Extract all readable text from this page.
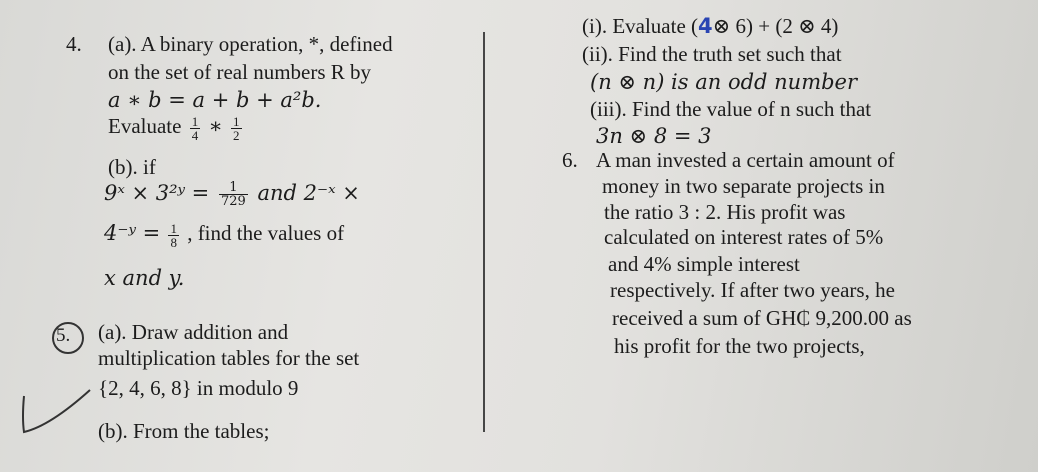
4. (a). A binary operation, *, defined
on the set of real numbers R by
a ∗ b = a + b + a²b.
Evaluate $\frac{1}{4}$ ∗ $\frac{1}{2}$
(b). if
9ˣ × 3²ʸ = $\frac{1}{729}$ and 2⁻ˣ ×
4⁻ʸ = $\frac{1}{8}$ , find the values of
x and y.
5. (a). Draw addition and
multiplication tables for the set
{2, 4, 6, 8} in modulo 9
(b). From the tables;
(i). Evaluate (4⊗ 6) + (2 ⊗ 4)
(ii). Find the truth set such that
(n ⊗ n) is an odd number
(iii). Find the value of n such that
3n ⊗ 8 = 3
6. A man invested a certain amount of
money in two separate projects in
the ratio 3 : 2. His profit was
calculated on interest rates of 5%
and 4% simple interest
respectively. If after two years, he
received a sum of GH₵ 9,200.00 as
his profit for the two projects,
